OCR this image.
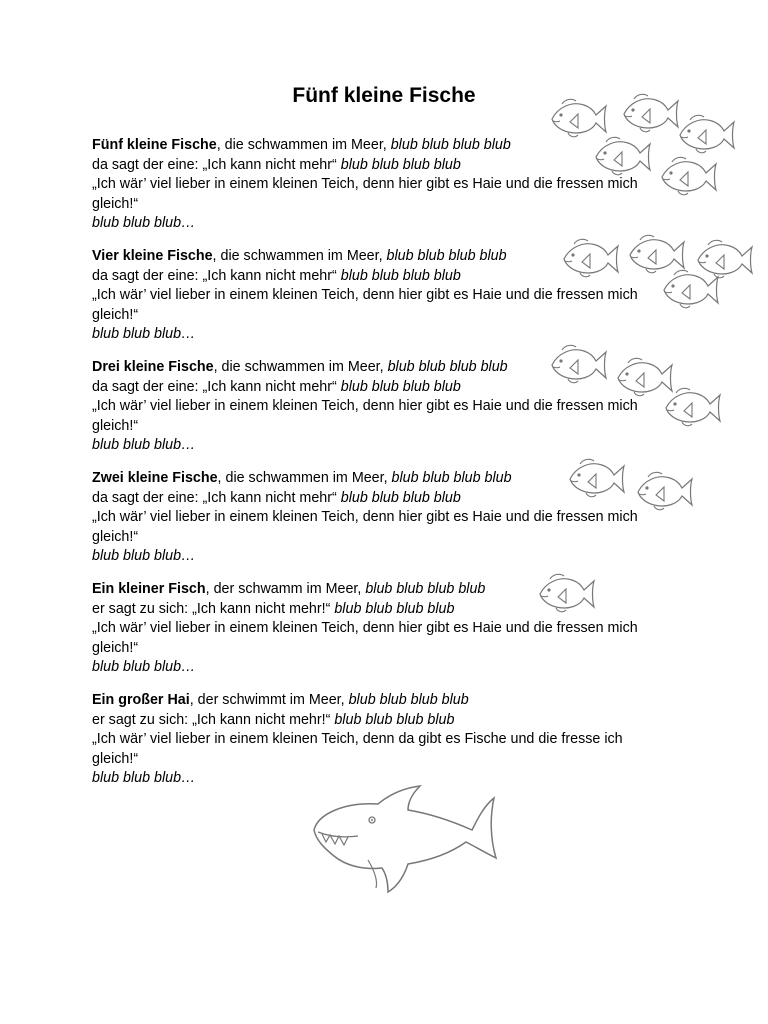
Fünf kleine Fische

Fünf kleine Fische, die schwammen im Meer, blub blub blub blub

da sagt der eine: „Ich kann nicht mehr“ blub blub blub blub

„Ich wär’ viel lieber in einem kleinen Teich, denn hier gibt es Haie und die fressen mich gleich!“

blub blub blub…

Vier kleine Fische, die schwammen im Meer, blub blub blub blub

da sagt der eine: „Ich kann nicht mehr“ blub blub blub blub

„Ich wär’ viel lieber in einem kleinen Teich, denn hier gibt es Haie und die fressen mich gleich!“

blub blub blub…

Drei kleine Fische, die schwammen im Meer, blub blub blub blub

da sagt der eine: „Ich kann nicht mehr“ blub blub blub blub

„Ich wär’ viel lieber in einem kleinen Teich, denn hier gibt es Haie und die fressen mich gleich!“

blub blub blub…

Zwei kleine Fische, die schwammen im Meer, blub blub blub blub

da sagt der eine: „Ich kann nicht mehr“ blub blub blub blub

„Ich wär’ viel lieber in einem kleinen Teich, denn hier gibt es Haie und die fressen mich gleich!“

blub blub blub…

Ein kleiner Fisch, der schwamm im Meer, blub blub blub blub

er sagt zu sich: „Ich kann nicht mehr!“ blub blub blub blub

„Ich wär’ viel lieber in einem kleinen Teich, denn hier gibt es Haie und die fressen mich gleich!“

blub blub blub…

Ein großer Hai, der schwimmt im Meer, blub blub blub blub

er sagt zu sich: „Ich kann nicht mehr!“ blub blub blub blub

„Ich wär’ viel lieber in einem kleinen Teich, denn da gibt es Fische und die fresse ich gleich!“

blub blub blub…
